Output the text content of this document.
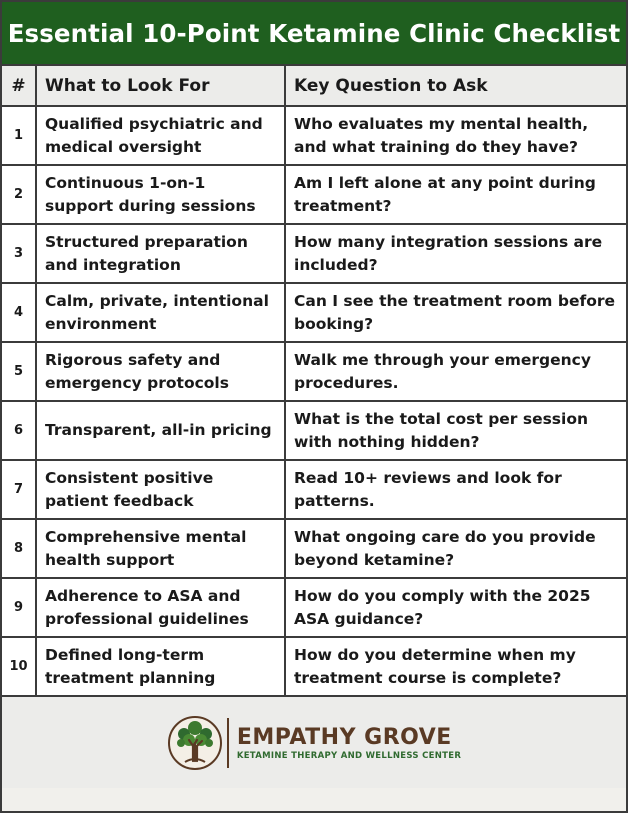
Essential 10-Point Ketamine Clinic Checklist
#	What to Look For	Key Question to Ask
1	Qualified psychiatric and medical oversight	Who evaluates my mental health, and what training do they have?
2	Continuous 1-on-1 support during sessions	Am I left alone at any point during treatment?
3	Structured preparation and integration	How many integration sessions are included?
4	Calm, private, intentional environment	Can I see the treatment room before booking?
5	Rigorous safety and emergency protocols	Walk me through your emergency procedures.
6	Transparent, all-in pricing	What is the total cost per session with nothing hidden?
7	Consistent positive patient feedback	Read 10+ reviews and look for patterns.
8	Comprehensive mental health support	What ongoing care do you provide beyond ketamine?
9	Adherence to ASA and professional guidelines	How do you comply with the 2025 ASA guidance?
10	Defined long-term treatment planning	How do you determine when my treatment course is complete?
EMPATHY GROVE
KETAMINE THERAPY AND WELLNESS CENTER
